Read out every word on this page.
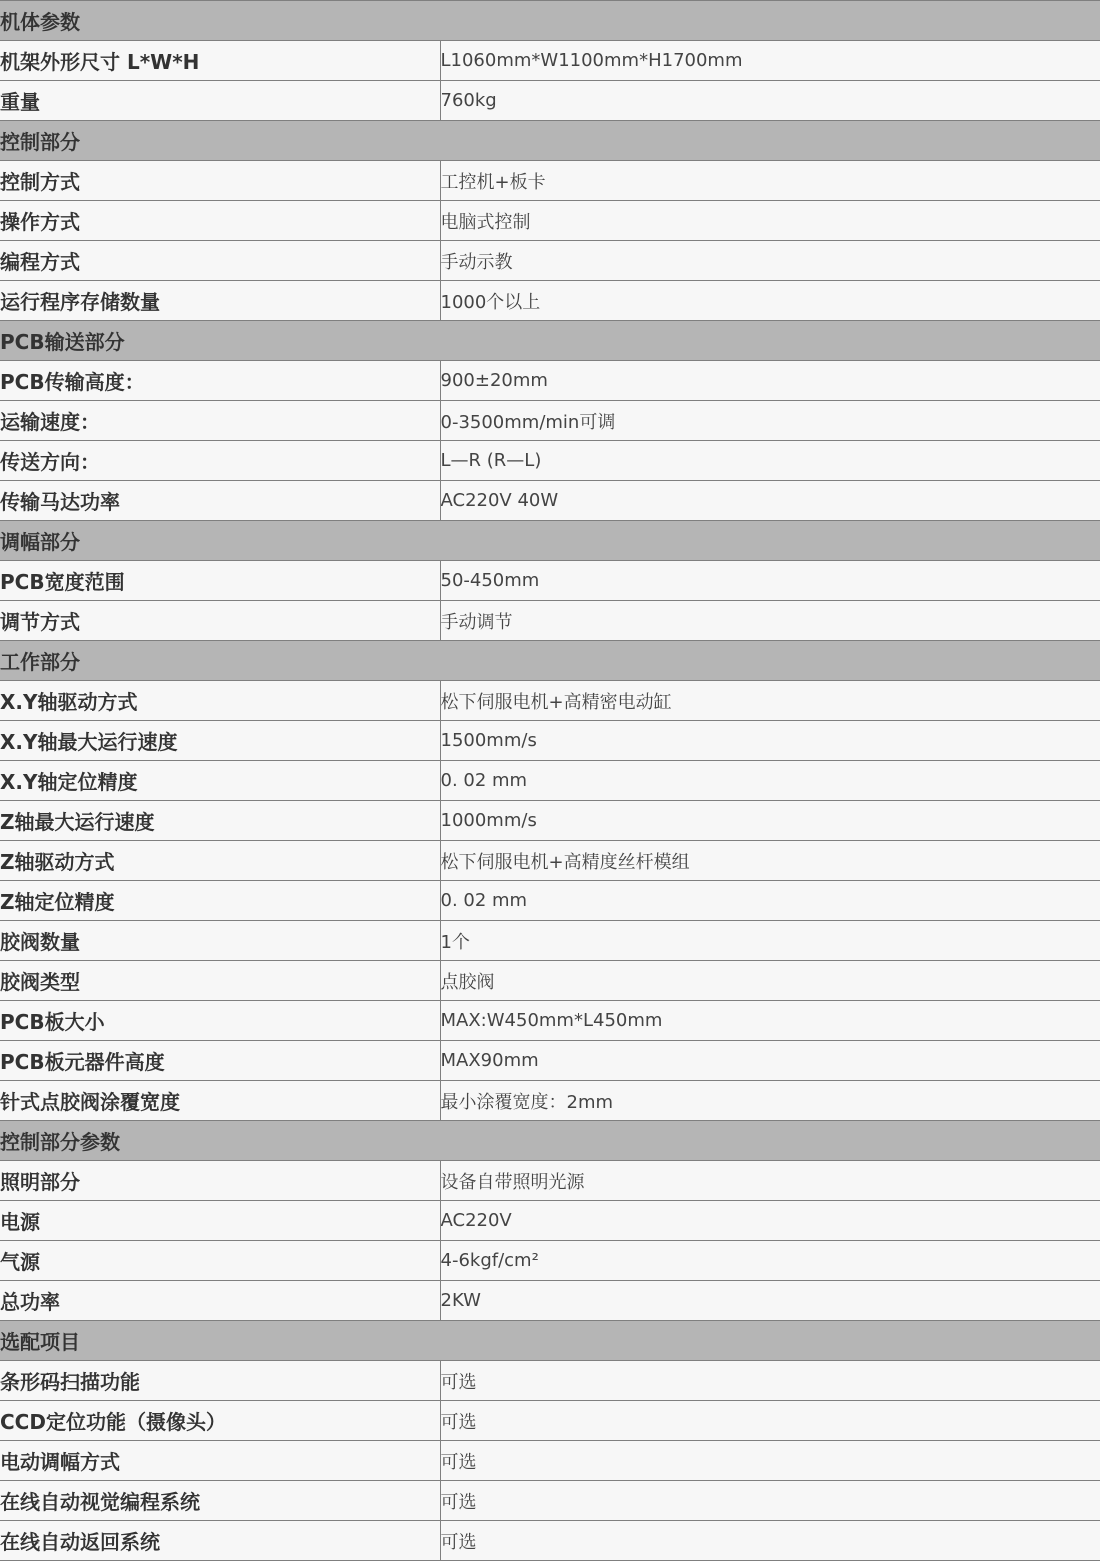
机体参数	
机架外形尺寸 L*W*H	L1060mm*W1100mm*H1700mm
重量	760kg
控制部分	
控制方式	工控机+板卡
操作方式	电脑式控制
编程方式	手动示教
运行程序存储数量	1000个以上
PCB输送部分	
PCB传输高度：	900±20mm
运输速度：	0-3500mm/min可调
传送方向：	L—R (R—L)
传输马达功率	AC220V 40W
调幅部分	
PCB宽度范围	50-450mm
调节方式	手动调节
工作部分	
X.Y轴驱动方式	松下伺服电机+高精密电动缸
X.Y轴最大运行速度	1500mm/s
X.Y轴定位精度	0. 02 mm
Z轴最大运行速度	1000mm/s
Z轴驱动方式	松下伺服电机+高精度丝杆模组
Z轴定位精度	0. 02 mm
胶阀数量	1个
胶阀类型	点胶阀
PCB板大小	MAX:W450mm*L450mm
PCB板元器件高度	MAX90mm
针式点胶阀涂覆宽度	最小涂覆宽度：2mm
控制部分参数	
照明部分	设备自带照明光源
电源	AC220V
气源	4-6kgf/cm²
总功率	2KW
选配项目	
条形码扫描功能	可选
CCD定位功能（摄像头）	可选
电动调幅方式	可选
在线自动视觉编程系统	可选
在线自动返回系统	可选
